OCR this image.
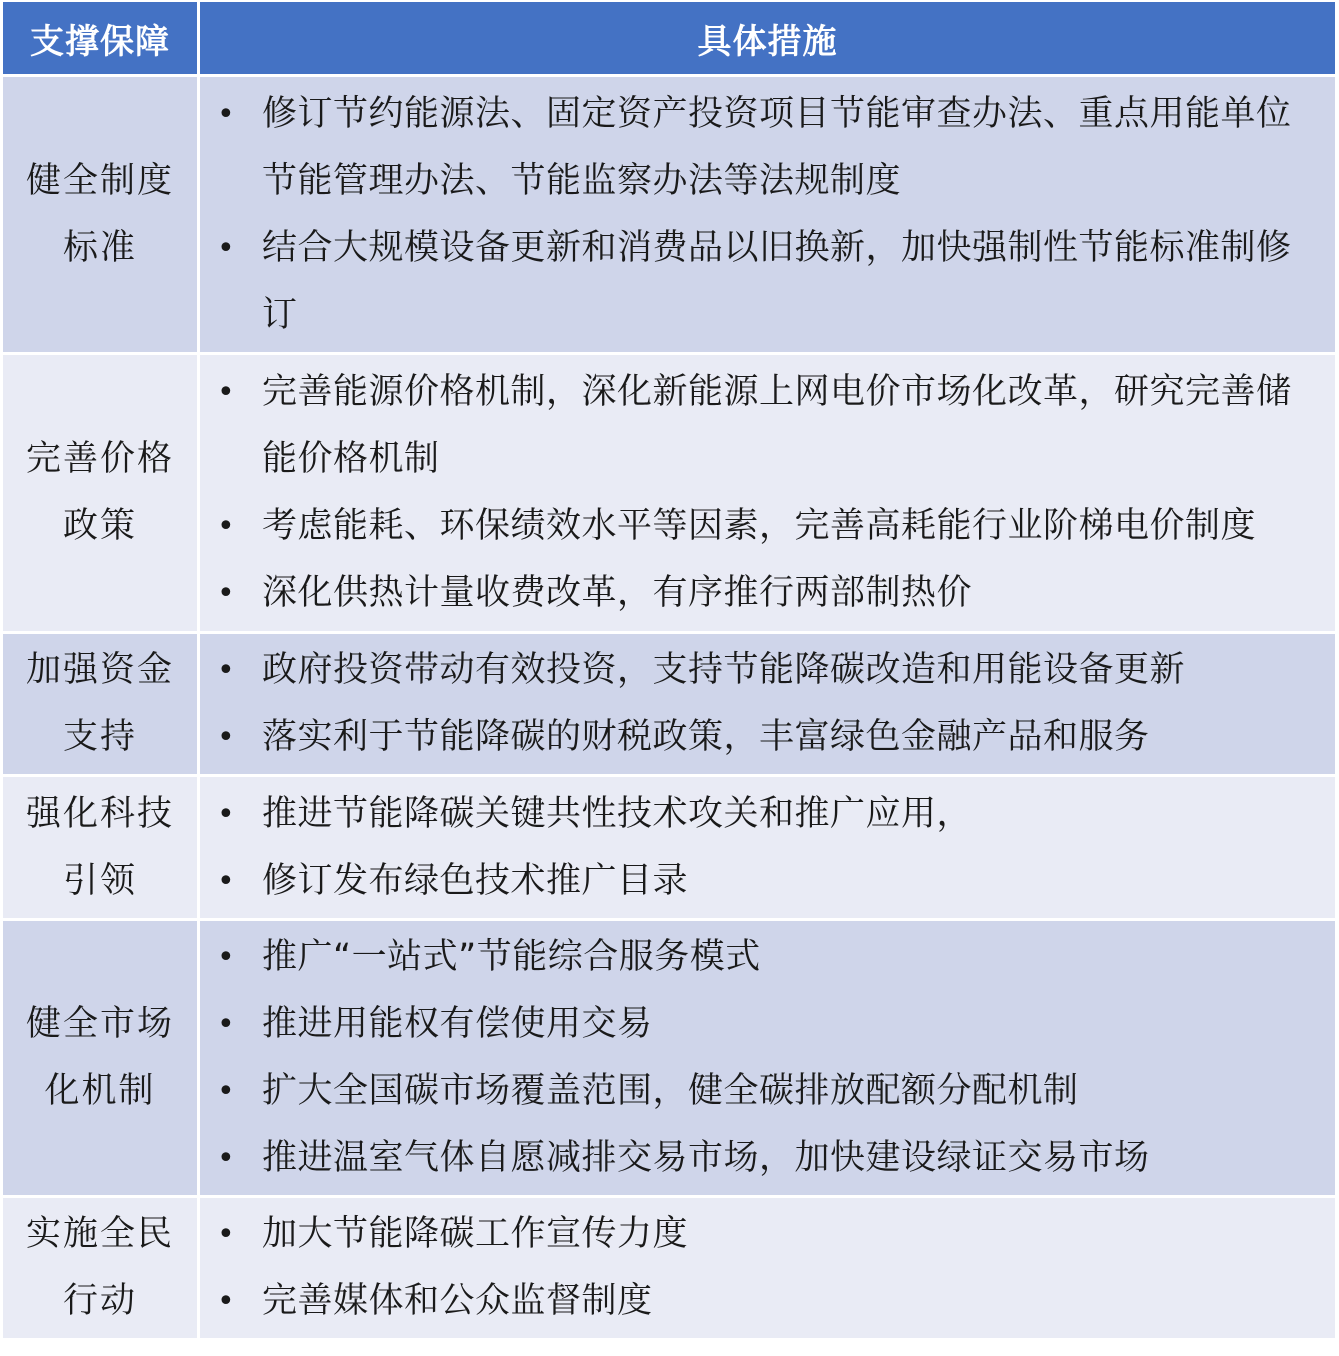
支撑保障	具体措施
健全制度标准
• 修订节约能源法、固定资产投资项目节能审查办法、重点用能单位节能管理办法、节能监察办法等法规制度
• 结合大规模设备更新和消费品以旧换新，加快强制性节能标准制修订
完善价格政策
• 完善能源价格机制，深化新能源上网电价市场化改革，研究完善储能价格机制
• 考虑能耗、环保绩效水平等因素，完善高耗能行业阶梯电价制度
• 深化供热计量收费改革，有序推行两部制热价
加强资金支持
• 政府投资带动有效投资，支持节能降碳改造和用能设备更新
• 落实利于节能降碳的财税政策，丰富绿色金融产品和服务
强化科技引领
• 推进节能降碳关键共性技术攻关和推广应用，
• 修订发布绿色技术推广目录
健全市场化机制
• 推广“一站式”节能综合服务模式
• 推进用能权有偿使用交易
• 扩大全国碳市场覆盖范围，健全碳排放配额分配机制
• 推进温室气体自愿减排交易市场，加快建设绿证交易市场
实施全民行动
• 加大节能降碳工作宣传力度
• 完善媒体和公众监督制度
